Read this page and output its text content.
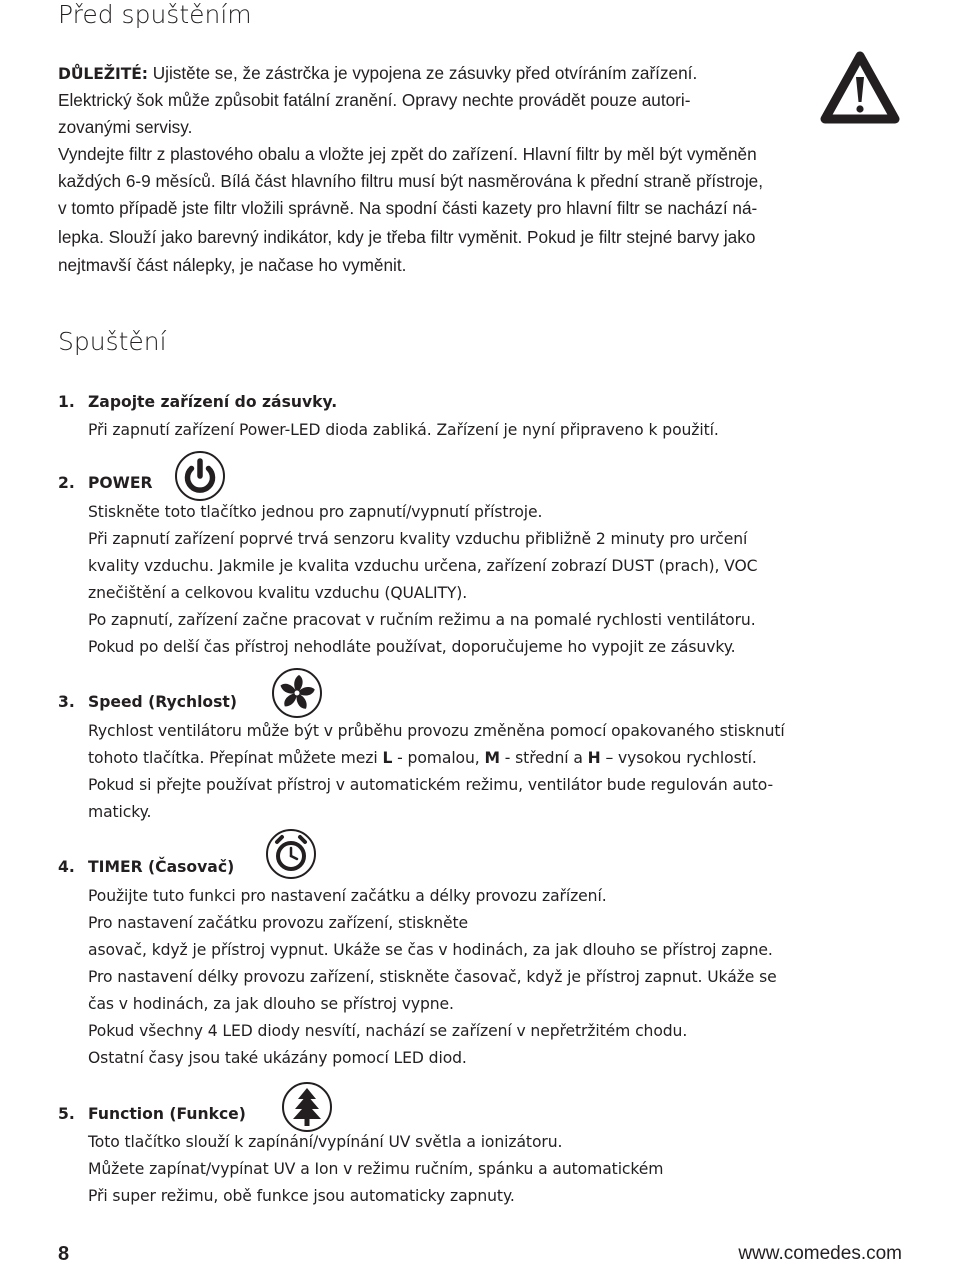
Před spuštěním
DŮLEŽITÉ: Ujistěte se, že zástrčka je vypojena ze zásuvky před otvíráním zařízení.
Elektrický šok může způsobit fatální zranění. Opravy nechte provádět pouze autori-
zovanými servisy.
Vyndejte filtr z plastového obalu a vložte jej zpět do zařízení. Hlavní filtr by měl být vyměněn
každých 6-9 měsíců. Bílá část hlavního filtru musí být nasměrována k přední straně přístroje,
v tomto případě jste filtr vložili správně. Na spodní části kazety pro hlavní filtr se nachází ná-
lepka. Slouží jako barevný indikátor, kdy je třeba filtr vyměnit. Pokud je filtr stejné barvy jako
nejtmavší část nálepky, je načase ho vyměnit.
Spuštění
1. Zapojte zařízení do zásuvky.
Při zapnutí zařízení Power-LED dioda zabliká. Zařízení je nyní připraveno k použití.
2. POWER
Stiskněte toto tlačítko jednou pro zapnutí/vypnutí přístroje.
Při zapnutí zařízení poprvé trvá senzoru kvality vzduchu přibližně 2 minuty pro určení
kvality vzduchu. Jakmile je kvalita vzduchu určena, zařízení zobrazí DUST (prach), VOC
znečištění a celkovou kvalitu vzduchu (QUALITY).
Po zapnutí, zařízení začne pracovat v ručním režimu a na pomalé rychlosti ventilátoru.
Pokud po delší čas přístroj nehodláte používat, doporučujeme ho vypojit ze zásuvky.
3. Speed (Rychlost)
Rychlost ventilátoru může být v průběhu provozu změněna pomocí opakovaného stisknutí
tohoto tlačítka. Přepínat můžete mezi L - pomalou, M - střední a H – vysokou rychlostí.
Pokud si přejte používat přístroj v automatickém režimu, ventilátor bude regulován auto-
maticky.
4. TIMER (Časovač)
Použijte tuto funkci pro nastavení začátku a délky provozu zařízení.
Pro nastavení začátku provozu zařízení, stiskněte
asovač, když je přístroj vypnut. Ukáže se čas v hodinách, za jak dlouho se přístroj zapne.
Pro nastavení délky provozu zařízení, stiskněte časovač, když je přístroj zapnut. Ukáže se
čas v hodinách, za jak dlouho se přístroj vypne.
Pokud všechny 4 LED diody nesvítí, nachází se zařízení v nepřetržitém chodu.
Ostatní časy jsou také ukázány pomocí LED diod.
5. Function (Funkce)
Toto tlačítko slouží k zapínání/vypínání UV světla a ionizátoru.
Můžete zapínat/vypínat UV a Ion v režimu ručním, spánku a automatickém
Při super režimu, obě funkce jsou automaticky zapnuty.
8	www.comedes.com
